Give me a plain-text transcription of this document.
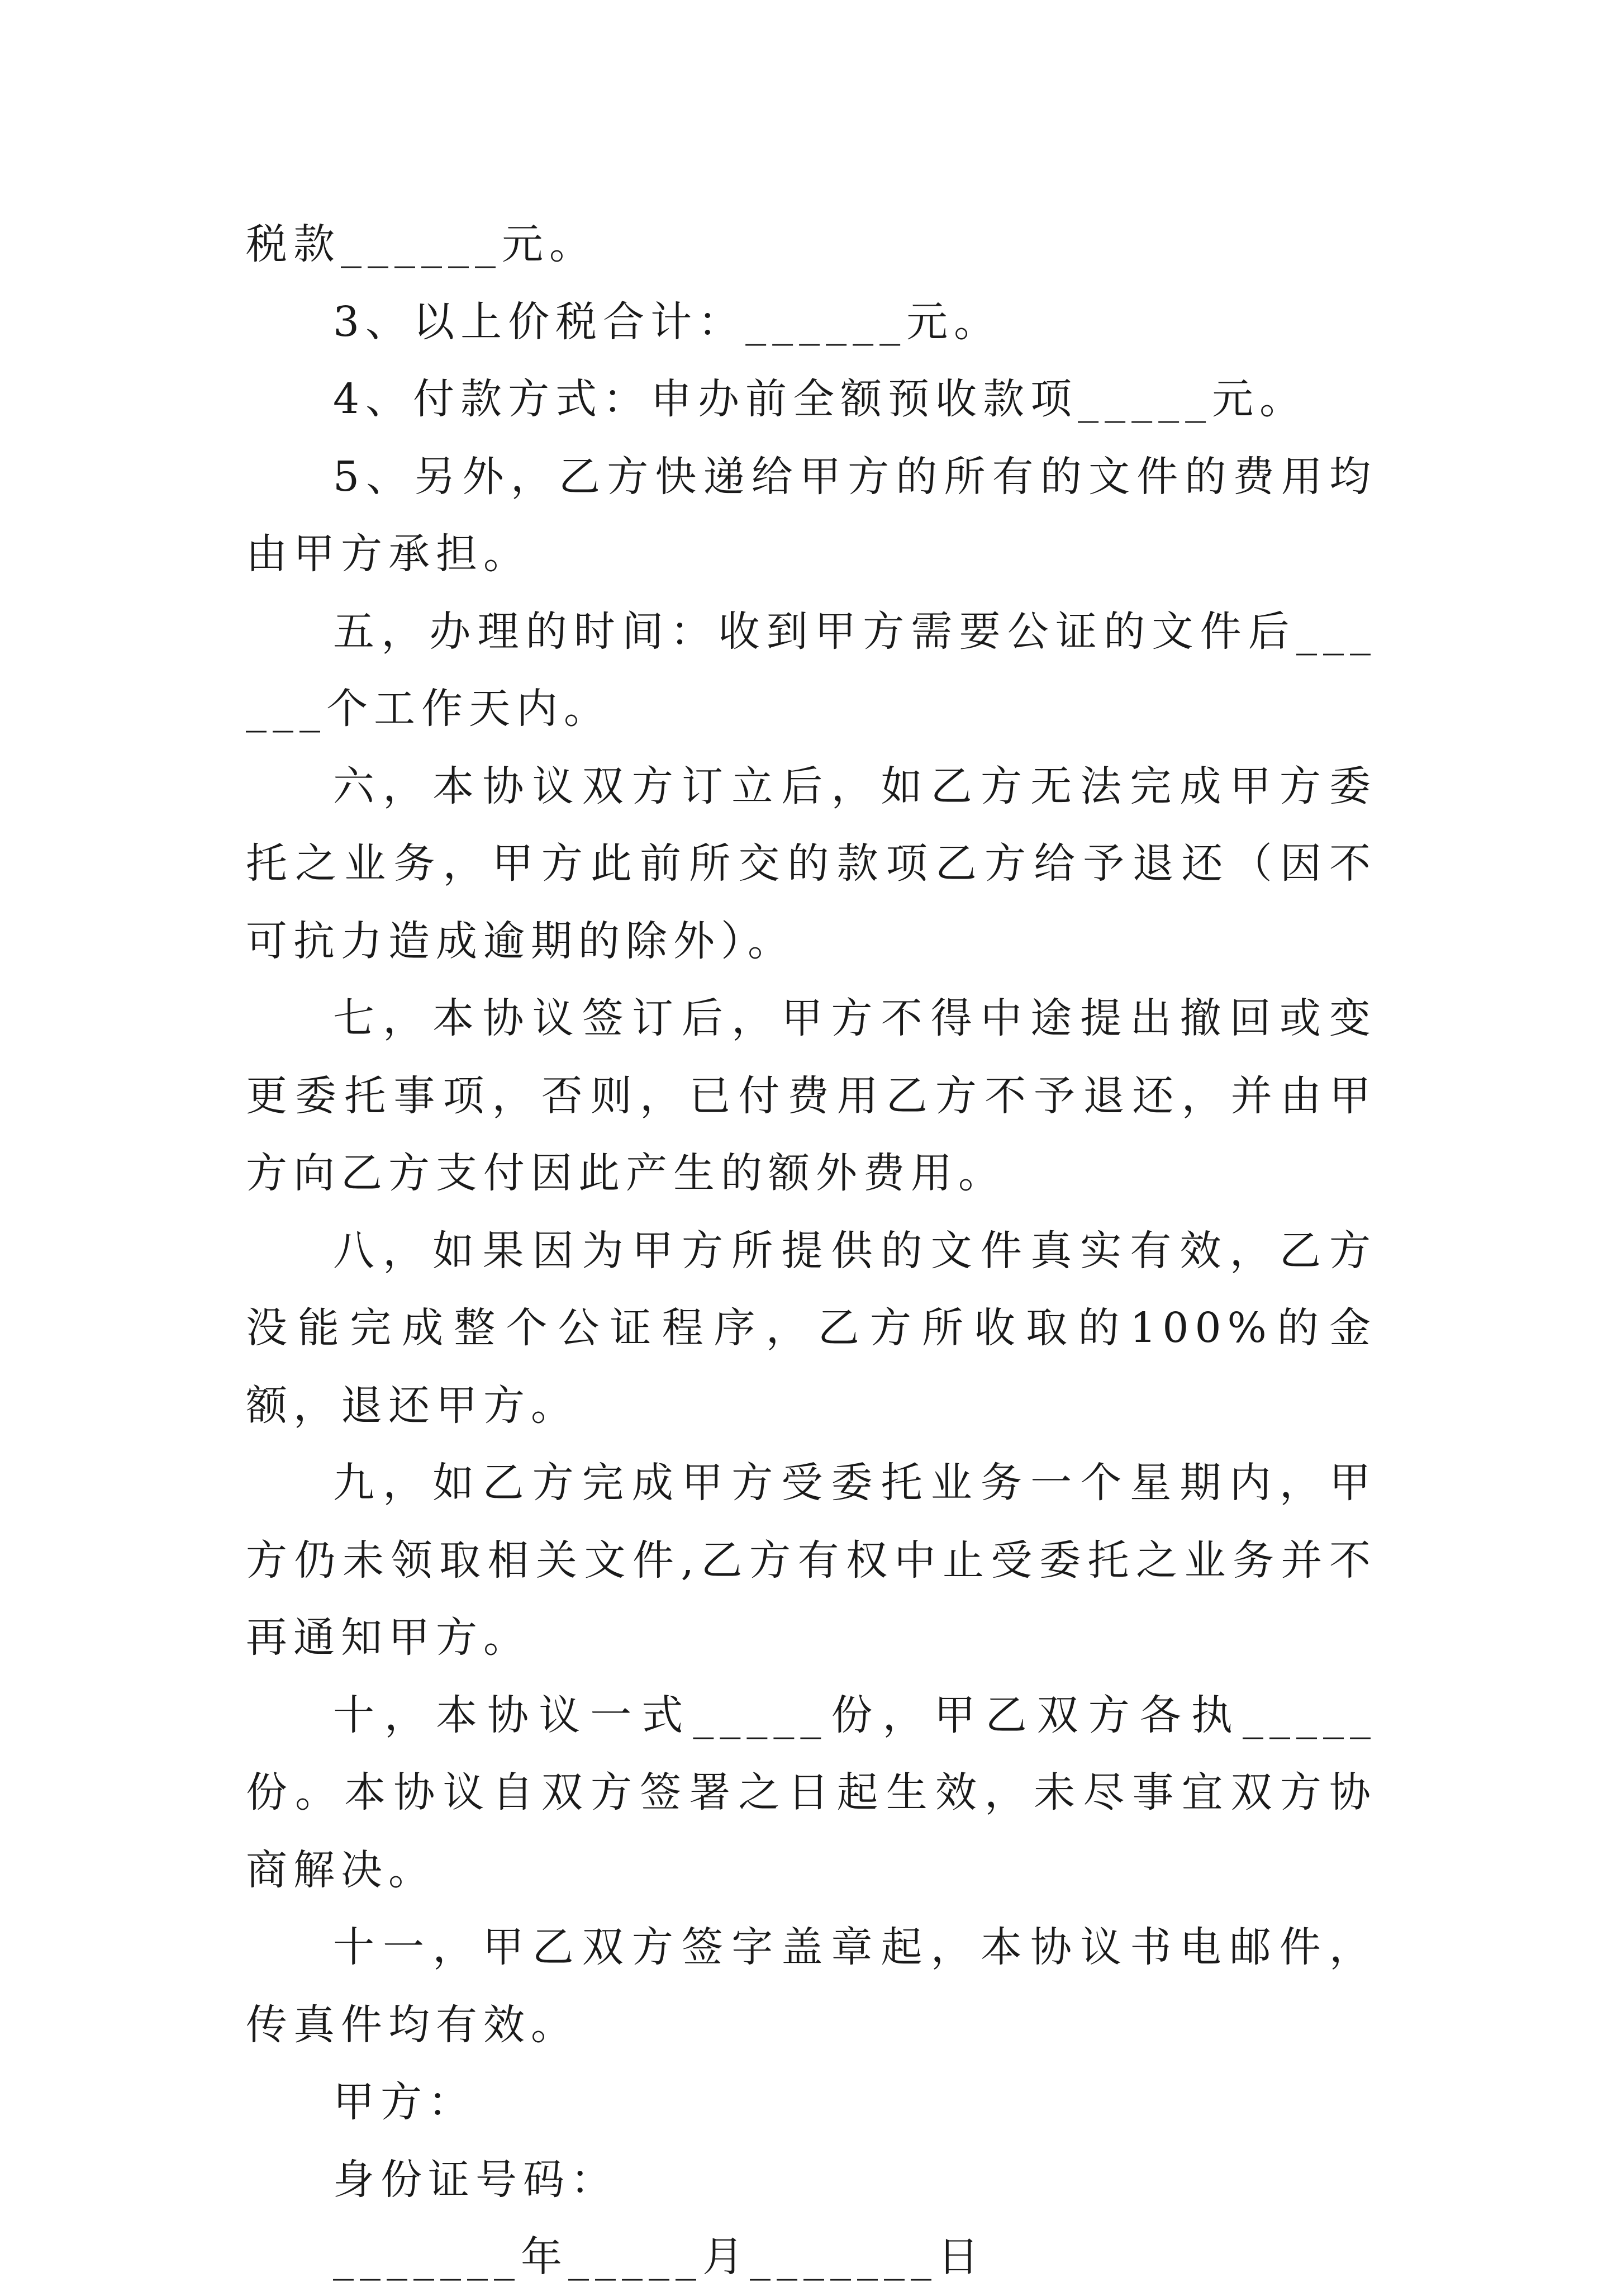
税款______元。

3、以上价税合计：______元。

4、付款方式：申办前全额预收款项_____元。

5、另外，乙方快递给甲方的所有的文件的费用均由甲方承担。

五，办理的时间：收到甲方需要公证的文件后______个工作天内。

六，本协议双方订立后，如乙方无法完成甲方委托之业务，甲方此前所交的款项乙方给予退还（因不可抗力造成逾期的除外）。

七，本协议签订后，甲方不得中途提出撤回或变更委托事项，否则，已付费用乙方不予退还，并由甲方向乙方支付因此产生的额外费用。

八，如果因为甲方所提供的文件真实有效，乙方没能完成整个公证程序，乙方所收取的100%的金额，退还甲方。

九，如乙方完成甲方受委托业务一个星期内，甲方仍未领取相关文件,乙方有权中止受委托之业务并不再通知甲方。

十，本协议一式_____份，甲乙双方各执_____份。本协议自双方签署之日起生效，未尽事宜双方协商解决。

十一，甲乙双方签字盖章起，本协议书电邮件，传真件均有效。

甲方：

身份证号码：

_______年_____月_______日
